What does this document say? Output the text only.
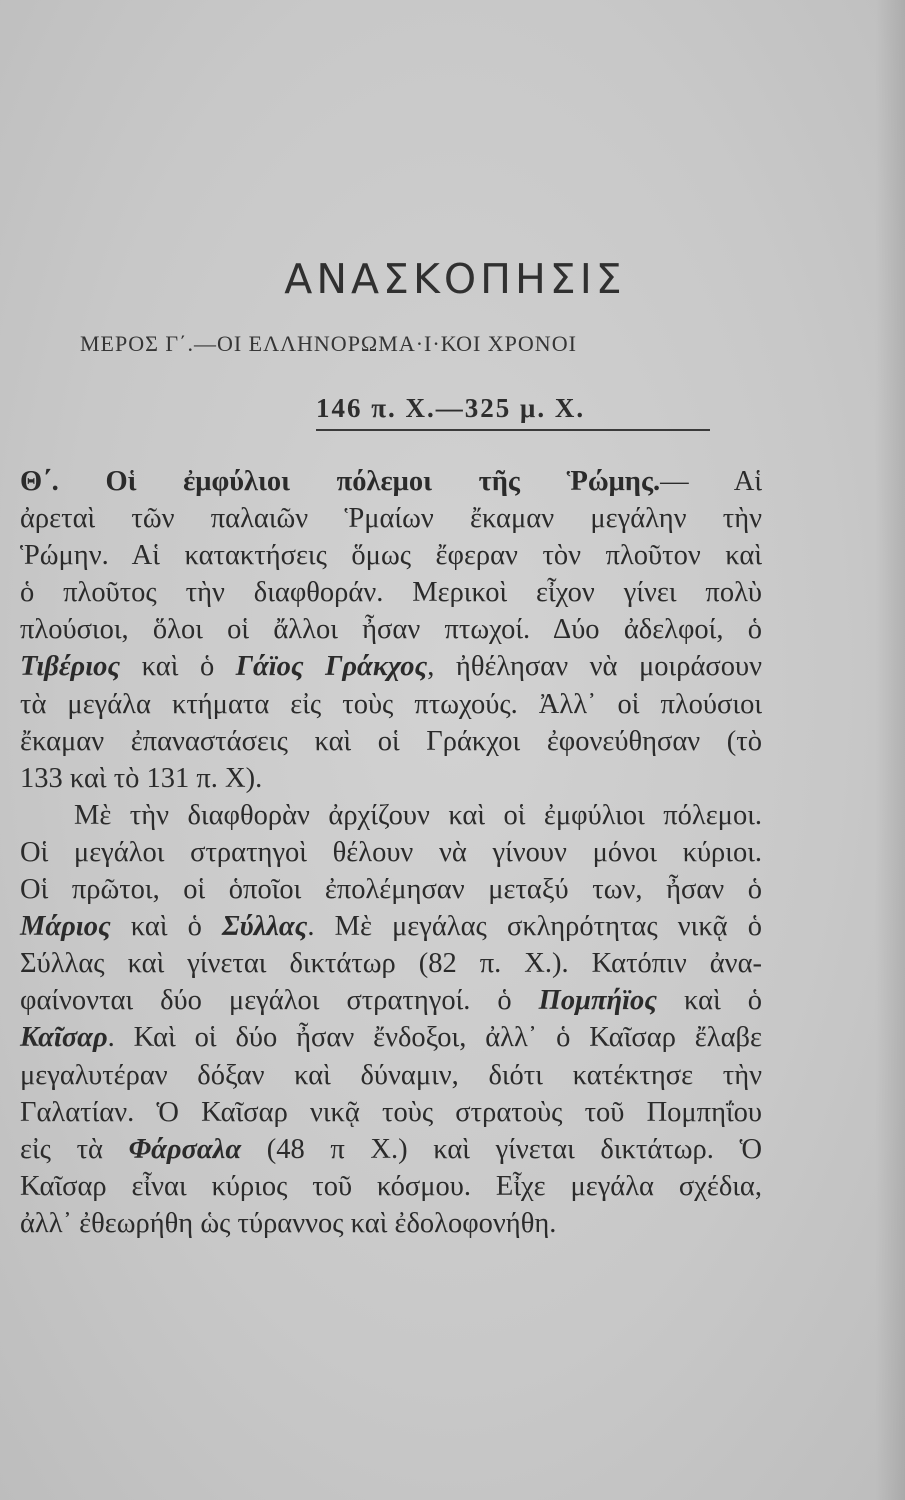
ΑΝΑΣΚΟΠΗΣΙΣ
ΜΕΡΟΣ Γ΄.—ΟΙ ΕΛΛΗΝΟΡΩΜΑ·Ι·ΚΟΙ ΧΡΟΝΟΙ
146 π. Χ.—325 μ. Χ.
Θ΄. Οἱ ἐμφύλιοι πόλεμοι τῆς Ῥώμης.— Αἱ
ἀρεταὶ τῶν παλαιῶν Ῥμαίων ἔκαμαν μεγάλην τὴν
Ῥώμην. Αἱ κατακτήσεις ὅμως ἔφεραν τὸν πλοῦτον καὶ
ὁ πλοῦτος τὴν διαφθοράν. Μερικοὶ εἶχον γίνει πολὺ
πλούσιοι, ὅλοι οἱ ἄλλοι ἦσαν πτωχοί. Δύο ἀδελφοί, ὁ
Τιβέριος καὶ ὁ Γάϊος Γράκχος, ἠθέλησαν νὰ μοιράσουν
τὰ μεγάλα κτήματα εἰς τοὺς πτωχούς. Ἀλλ᾽ οἱ πλούσιοι
ἔκαμαν ἐπαναστάσεις καὶ οἱ Γράκχοι ἐφονεύθησαν (τὸ
133 καὶ τὸ 131 π. Χ).
Μὲ τὴν διαφθορὰν ἀρχίζουν καὶ οἱ ἐμφύλιοι πόλεμοι.
Οἱ μεγάλοι στρατηγοὶ θέλουν νὰ γίνουν μόνοι κύριοι.
Οἱ πρῶτοι, οἱ ὁποῖοι ἐπολέμησαν μεταξύ των, ἦσαν ὁ
Μάριος καὶ ὁ Σύλλας. Μὲ μεγάλας σκληρότητας νικᾷ ὁ
Σύλλας καὶ γίνεται δικτάτωρ (82 π. Χ.). Κατόπιν ἀνα-
φαίνονται δύο μεγάλοι στρατηγοί. ὁ Πομπήϊος καὶ ὁ
Καῖσαρ. Καὶ οἱ δύο ἦσαν ἔνδοξοι, ἀλλ᾽ ὁ Καῖσαρ ἔλαβε
μεγαλυτέραν δόξαν καὶ δύναμιν, διότι κατέκτησε τὴν
Γαλατίαν. Ὁ Καῖσαρ νικᾷ τοὺς στρατοὺς τοῦ Πομπηΐου
εἰς τὰ Φάρσαλα (48 π Χ.) καὶ γίνεται δικτάτωρ. Ὁ
Καῖσαρ εἶναι κύριος τοῦ κόσμου. Εἶχε μεγάλα σχέδια,
ἀλλ᾽ ἐθεωρήθη ὡς τύραννος καὶ ἐδολοφονήθη.
